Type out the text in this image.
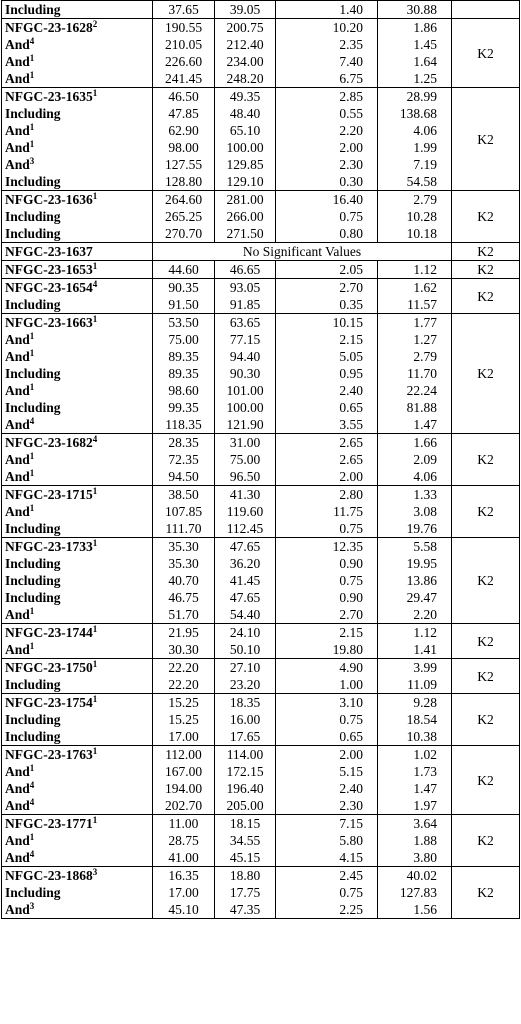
Including	37.65	39.05	1.40	30.88	
NFGC-23-1628$^2$	190.55	200.75	10.20	1.86	K2
And$^4$	210.05	212.40	2.35	1.45	
And$^1$	226.60	234.00	7.40	1.64	
And$^1$	241.45	248.20	6.75	1.25	
NFGC-23-1635$^1$	46.50	49.35	2.85	28.99	K2
Including	47.85	48.40	0.55	138.68	
And$^1$	62.90	65.10	2.20	4.06	
And$^1$	98.00	100.00	2.00	1.99	
And$^3$	127.55	129.85	2.30	7.19	
Including	128.80	129.10	0.30	54.58	
NFGC-23-1636$^1$	264.60	281.00	16.40	2.79	K2
Including	265.25	266.00	0.75	10.28	
Including	270.70	271.50	0.80	10.18	
NFGC-23-1637	No Significant Values				K2
NFGC-23-1653$^1$	44.60	46.65	2.05	1.12	K2
NFGC-23-1654$^4$	90.35	93.05	2.70	1.62	K2
Including	91.50	91.85	0.35	11.57	
NFGC-23-1663$^1$	53.50	63.65	10.15	1.77	K2
And$^1$	75.00	77.15	2.15	1.27	
And$^1$	89.35	94.40	5.05	2.79	
Including	89.35	90.30	0.95	11.70	
And$^1$	98.60	101.00	2.40	22.24	
Including	99.35	100.00	0.65	81.88	
And$^4$	118.35	121.90	3.55	1.47	
NFGC-23-1682$^4$	28.35	31.00	2.65	1.66	K2
And$^1$	72.35	75.00	2.65	2.09	
And$^1$	94.50	96.50	2.00	4.06	
NFGC-23-1715$^1$	38.50	41.30	2.80	1.33	K2
And$^1$	107.85	119.60	11.75	3.08	
Including	111.70	112.45	0.75	19.76	
NFGC-23-1733$^1$	35.30	47.65	12.35	5.58	K2
Including	35.30	36.20	0.90	19.95	
Including	40.70	41.45	0.75	13.86	
Including	46.75	47.65	0.90	29.47	
And$^1$	51.70	54.40	2.70	2.20	
NFGC-23-1744$^1$	21.95	24.10	2.15	1.12	K2
And$^1$	30.30	50.10	19.80	1.41	
NFGC-23-1750$^1$	22.20	27.10	4.90	3.99	K2
Including	22.20	23.20	1.00	11.09	
NFGC-23-1754$^1$	15.25	18.35	3.10	9.28	K2
Including	15.25	16.00	0.75	18.54	
Including	17.00	17.65	0.65	10.38	
NFGC-23-1763$^1$	112.00	114.00	2.00	1.02	K2
And$^1$	167.00	172.15	5.15	1.73	
And$^4$	194.00	196.40	2.40	1.47	
And$^4$	202.70	205.00	2.30	1.97	
NFGC-23-1771$^1$	11.00	18.15	7.15	3.64	K2
And$^1$	28.75	34.55	5.80	1.88	
And$^4$	41.00	45.15	4.15	3.80	
NFGC-23-1868$^3$	16.35	18.80	2.45	40.02	K2
Including	17.00	17.75	0.75	127.83	
And$^3$	45.10	47.35	2.25	1.56	
